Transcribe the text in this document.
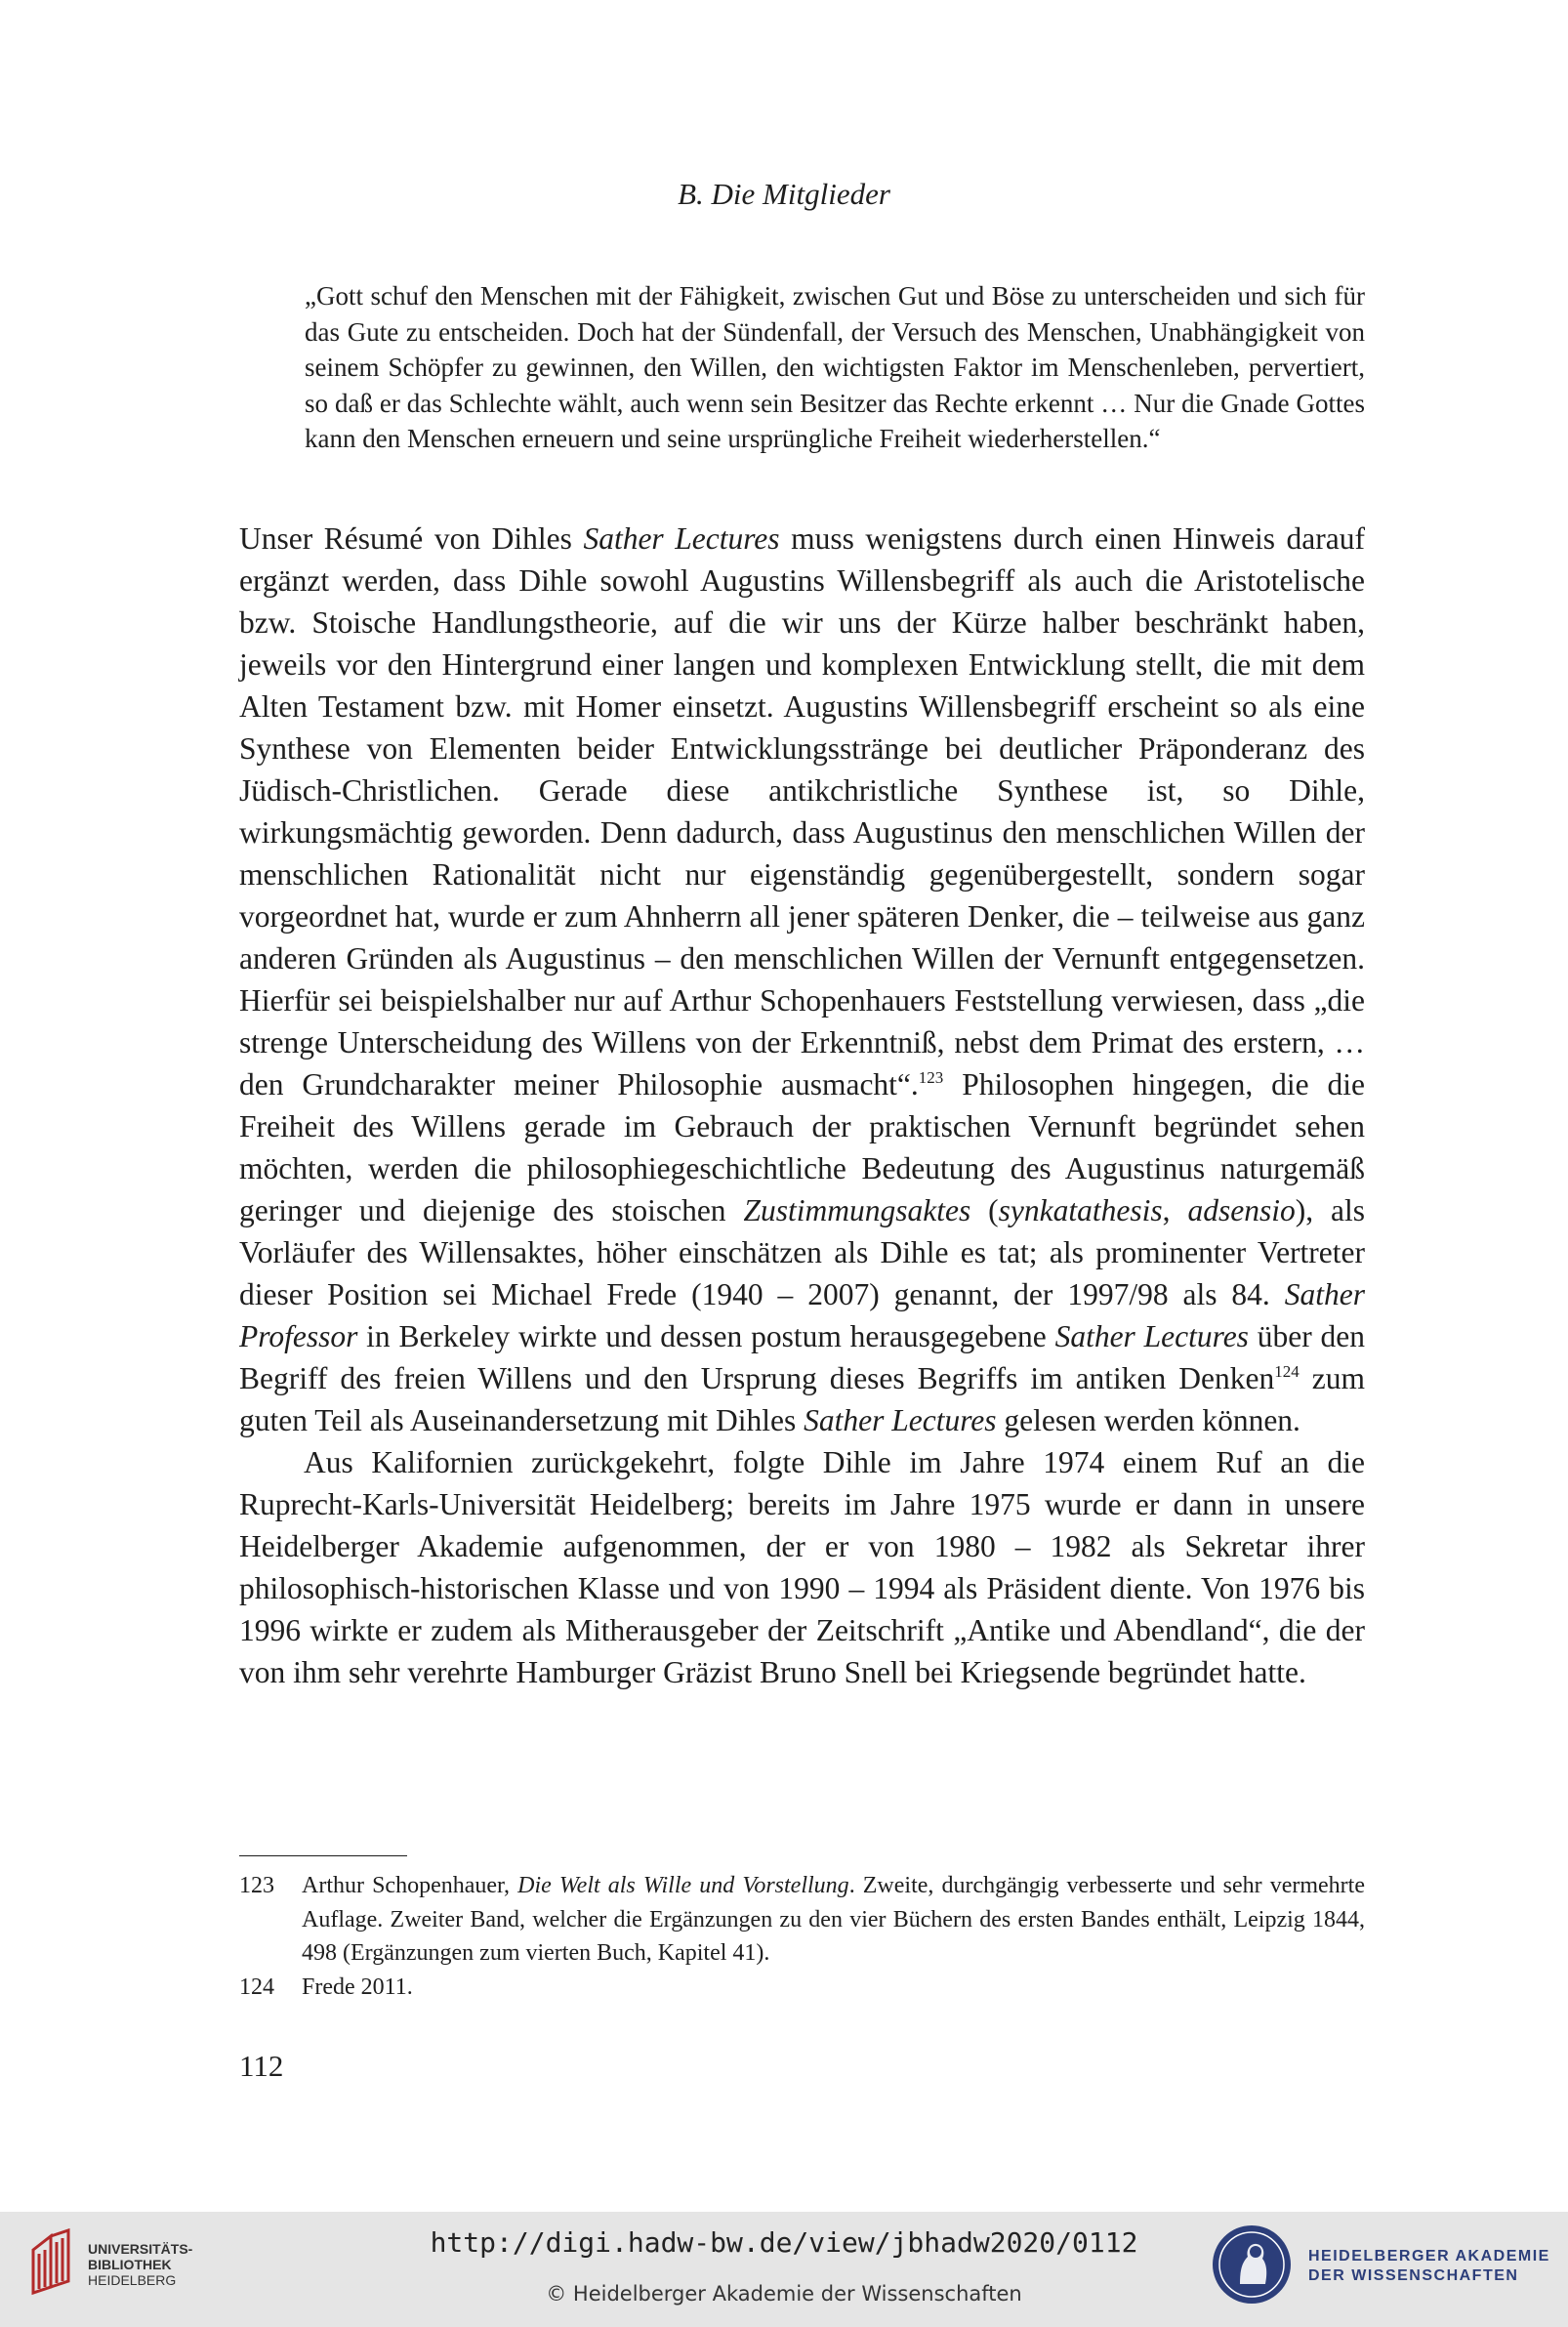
B. Die Mitglieder
„Gott schuf den Menschen mit der Fähigkeit, zwischen Gut und Böse zu unterscheiden und sich für das Gute zu entscheiden. Doch hat der Sündenfall, der Versuch des Menschen, Unabhängigkeit von seinem Schöpfer zu gewinnen, den Willen, den wichtigsten Faktor im Menschenleben, pervertiert, so daß er das Schlechte wählt, auch wenn sein Besitzer das Rechte erkennt … Nur die Gnade Gottes kann den Menschen erneuern und seine ursprüngliche Freiheit wiederherstellen.“

Unser Résumé von Dihles Sather Lectures muss wenigstens durch einen Hinweis darauf ergänzt werden, dass Dihle sowohl Augustins Willensbegriff als auch die Aristotelische bzw. Stoische Handlungstheorie, auf die wir uns der Kürze halber beschränkt haben, jeweils vor den Hintergrund einer langen und komplexen Entwicklung stellt, die mit dem Alten Testament bzw. mit Homer einsetzt. Augustins Willensbegriff erscheint so als eine Synthese von Elementen beider Entwicklungsstränge bei deutlicher Präponderanz des Jüdisch-Christlichen. Gerade diese antikchristliche Synthese ist, so Dihle, wirkungsmächtig geworden. Denn dadurch, dass Augustinus den menschlichen Willen der menschlichen Rationalität nicht nur eigenständig gegenübergestellt, sondern sogar vorgeordnet hat, wurde er zum Ahnherrn all jener späteren Denker, die – teilweise aus ganz anderen Gründen als Augustinus – den menschlichen Willen der Vernunft entgegensetzen. Hierfür sei beispielshalber nur auf Arthur Schopenhauers Feststellung verwiesen, dass „die strenge Unterscheidung des Willens von der Erkenntniß, nebst dem Primat des erstern, … den Grundcharakter meiner Philosophie ausmacht“.$^{123}$ Philosophen hingegen, die die Freiheit des Willens gerade im Gebrauch der praktischen Vernunft begründet sehen möchten, werden die philosophiegeschichtliche Bedeutung des Augustinus naturgemäß geringer und diejenige des stoischen Zustimmungsaktes (synkatathesis, adsensio), als Vorläufer des Willensaktes, höher einschätzen als Dihle es tat; als prominenter Vertreter dieser Position sei Michael Frede (1940 – 2007) genannt, der 1997/98 als 84. Sather Professor in Berkeley wirkte und dessen postum herausgegebene Sather Lectures über den Begriff des freien Willens und den Ursprung dieses Begriffs im antiken Denken$^{124}$ zum guten Teil als Auseinandersetzung mit Dihles Sather Lectures gelesen werden können.

Aus Kalifornien zurückgekehrt, folgte Dihle im Jahre 1974 einem Ruf an die Ruprecht-Karls-Universität Heidelberg; bereits im Jahre 1975 wurde er dann in unsere Heidelberger Akademie aufgenommen, der er von 1980 – 1982 als Sekretar ihrer philosophisch-historischen Klasse und von 1990 – 1994 als Präsident diente. Von 1976 bis 1996 wirkte er zudem als Mitherausgeber der Zeitschrift „Antike und Abendland“, die der von ihm sehr verehrte Hamburger Gräzist Bruno Snell bei Kriegsende begründet hatte.

123	Arthur Schopenhauer, Die Welt als Wille und Vorstellung. Zweite, durchgängig verbesserte und sehr vermehrte Auflage. Zweiter Band, welcher die Ergänzungen zu den vier Büchern des ersten Bandes enthält, Leipzig 1844, 498 (Ergänzungen zum vierten Buch, Kapitel 41).
124	Frede 2011.
112
UNIVERSITÄTS-
BIBLIOTHEK
HEIDELBERG
http://digi.hadw-bw.de/view/jbhadw2020/0112
© Heidelberger Akademie der Wissenschaften
HEIDELBERGER AKADEMIE
DER WISSENSCHAFTEN
